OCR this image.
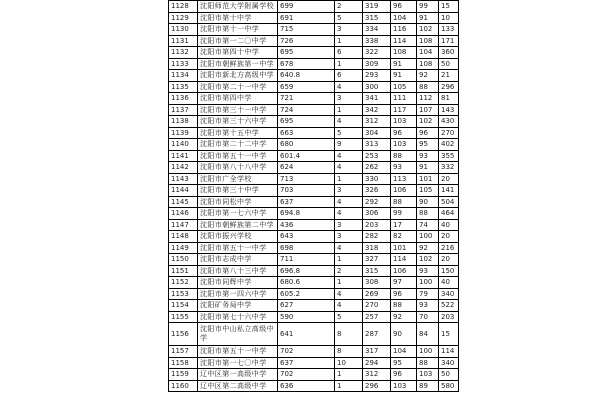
1128	沈阳师范大学附属学校	699	2	319	96	99	15
1129	沈阳市第十中学	691	5	315	104	91	10
1130	沈阳市第十一中学	715	3	334	116	102	133
1131	沈阳市第一二〇中学	726	1	338	114	108	171
1132	沈阳市第四十中学	695	6	322	108	104	360
1133	沈阳市朝鲜族第一中学	678	1	309	91	108	50
1134	沈阳市新北方高级中学	640.8	6	293	91	92	21
1135	沈阳市第二十一中学	659	4	300	105	88	296
1136	沈阳市第四中学	721	3	341	111	112	81
1137	沈阳市第三十一中学	724	1	342	117	107	143
1138	沈阳市第三十六中学	695	4	312	103	102	430
1139	沈阳市第十五中学	663	5	304	96	96	270
1140	沈阳市第二十二中学	680	9	313	103	95	402
1141	沈阳市第五十一中学	601.4	4	253	88	93	355
1142	沈阳市第八十八中学	624	4	262	93	91	332
1143	沈阳市广全学校	713	1	330	113	101	20
1144	沈阳市第三十中学	703	3	326	106	105	141
1145	沈阳市同松中学	637	4	292	88	90	504
1146	沈阳市第一七六中学	694.8	4	306	99	88	464
1147	沈阳市朝鲜族第二中学	436	3	203	17	74	40
1148	沈阳市振兴学校	643	3	282	82	100	20
1149	沈阳市第五十一中学	698	4	318	101	92	216
1150	沈阳市志成中学	711	1	327	114	102	20
1151	沈阳市第八十三中学	696.8	2	315	106	93	150
1152	沈阳市同辉中学	680.6	1	308	97	100	40
1153	沈阳市第一四六中学	605.2	4	269	96	79	340
1154	沈阳矿务局中学	627	4	270	88	93	522
1155	沈阳市第七十六中学	590	5	257	92	70	203
1156	沈阳市中山私立高级中学	641	8	287	90	84	15
1157	沈阳市第五十一中学	702	8	317	104	100	114
1158	沈阳市第一七〇中学	637	10	294	95	88	340
1159	辽中区第一高级中学	702	1	312	96	103	50
1160	辽中区第二高级中学	636	1	296	103	89	580
